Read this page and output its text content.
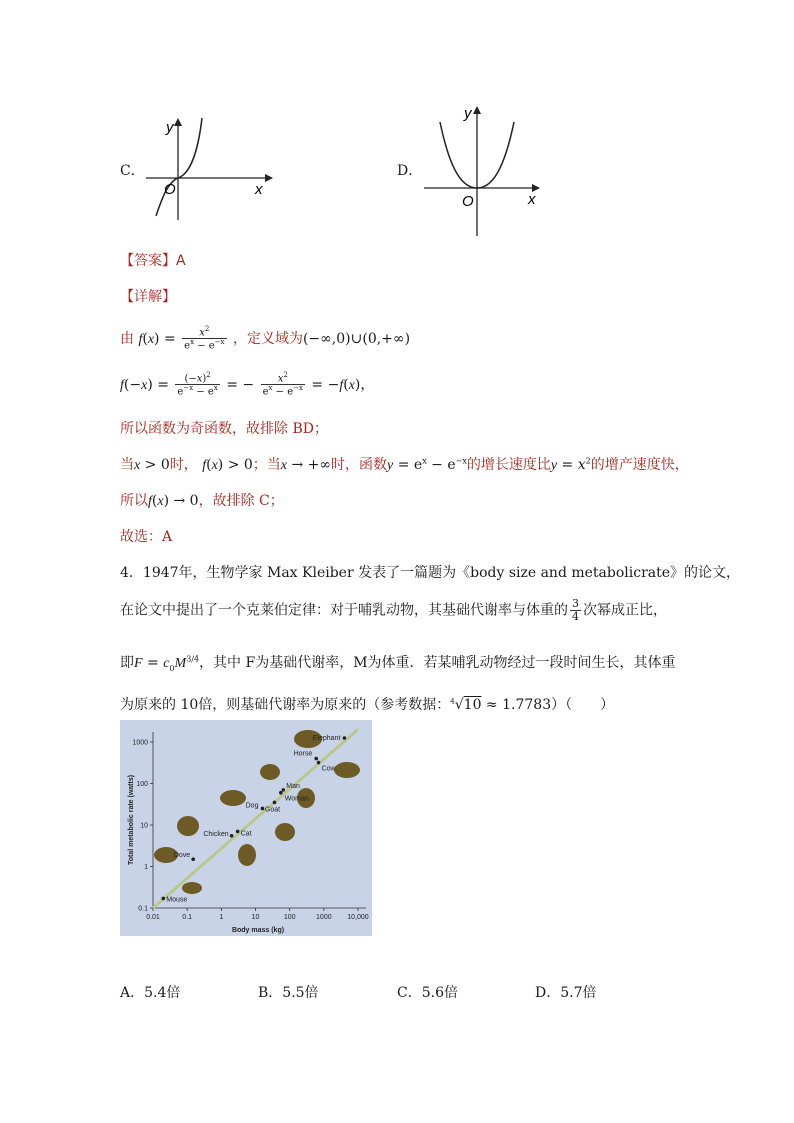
C．
y
x
O
D．
y
x
O
【答案】A
【详解】
由 $f(x) = \frac{x^2}{e^x - e^{-x}}$ ，定义域为(−∞,0)∪(0,+∞)
$f(-x) = \frac{(-x)^2}{e^{-x} - e^x}$ = − $\frac{x^2}{e^x - e^{-x}} = -f(x)$，
所以函数为奇函数，故排除 BD；
当x > 0时， f(x) > 0；当x → +∞时，函数$y = e^x - e^{-x}$的增长速度比$y = x^2$的增产速度快，
所以f(x) → 0，故排除 C；
故选：A
4．1947年，生物学家 Max Kleiber 发表了一篇题为《body size and metabolicrate》的论文，
在论文中提出了一个克莱伯定律：对于哺乳动物，其基础代谢率与体重的 $\frac{3}{4}$ 次幂成正比，
即$F = c_0M^{3/4}$，其中 F为基础代谢率，M为体重．若某哺乳动物经过一段时间生长，其体重
为原来的 10倍，则基础代谢率为原来的（参考数据：$^4$√10 ≈ 1.7783）（　　）
0.01	0.1	1	10	100	1000 10,000
0.1
1
10
100
1000
Mouse
Dove
Chicken Cat
Goat
Dog
Man
Woman
Horse
Cow
Elephant
Body mass (kg)
Total metabolic rate (watts)
A．5.4倍	B．5.5倍	C．5.6倍	D．5.7倍
